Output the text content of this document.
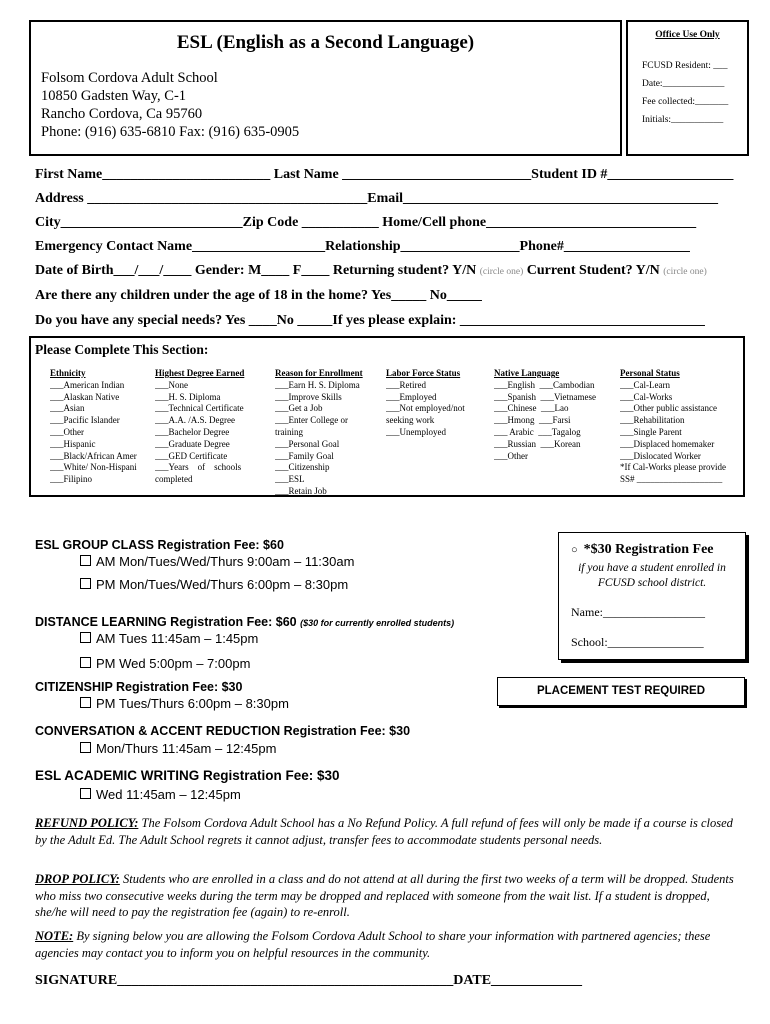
ESL (English as a Second Language)
Folsom Cordova Adult School
10850 Gadsten Way, C-1
Rancho Cordova, Ca 95760
Phone: (916) 635-6810 Fax: (916) 635-0905
Office Use Only
FCUSD Resident: ___
Date:_____________
Fee collected:_______
Initials:___________
First Name________________________ Last Name ___________________________Student ID #__________________
Address ________________________________________Email_____________________________________________
City__________________________Zip Code ___________ Home/Cell phone______________________________
Emergency Contact Name___________________Relationship_________________Phone#__________________
Date of Birth___/___/____ Gender: M____ F____ Returning student? Y/N (circle one) Current Student? Y/N (circle one)
Are there any children under the age of 18 in the home? Yes_____ No_____
Do you have any special needs? Yes ____No _____If yes please explain: ___________________________________
Please Complete This Section:
Ethnicity
___American Indian
___Alaskan Native
___Asian
___Pacific Islander
___Other
___Hispanic
___Black/African Amer
___White/ Non-Hispani
___Filipino
Highest Degree Earned
___None
___H. S. Diploma
___Technical Certificate
___A.A. /A.S. Degree
___Bachelor Degree
___Graduate Degree
___GED Certificate
___Years    of    schools
completed
Reason for Enrollment
___Earn H. S. Diploma
___Improve Skills
___Get a Job
___Enter College or
training
___Personal Goal
___Family Goal
___Citizenship
___ESL
___Retain Job
Labor Force Status
___Retired
___Employed
___Not employed/not
seeking work
___Unemployed
Native Language
___English  ___Cambodian
___Spanish  ___Vietnamese
___Chinese  ___Lao
___Hmong  ___Farsi
___ Arabic  ___Tagalog
___Russian  ___Korean
___Other
Personal Status
___Cal-Learn
___Cal-Works
___Other public assistance
___Rehabilitation
___Single Parent
___Displaced homemaker
___Dislocated Worker
*If Cal-Works please provide
SS# ___________________
ESL GROUP CLASS Registration Fee: $60
AM Mon/Tues/Wed/Thurs 9:00am – 11:30am
PM Mon/Tues/Wed/Thurs 6:00pm – 8:30pm
DISTANCE LEARNING Registration Fee: $60 ($30 for currently enrolled students)
AM Tues 11:45am – 1:45pm
PM Wed 5:00pm – 7:00pm
CITIZENSHIP Registration Fee: $30
PM Tues/Thurs 6:00pm – 8:30pm
CONVERSATION & ACCENT REDUCTION Registration Fee: $30
Mon/Thurs 11:45am – 12:45pm
ESL ACADEMIC WRITING Registration Fee: $30
Wed 11:45am – 12:45pm
○ *$30 Registration Fee
if you have a student enrolled in
FCUSD school district.
Name:_________________
School:________________
PLACEMENT TEST REQUIRED
REFUND POLICY: The Folsom Cordova Adult School has a No Refund Policy. A full refund of fees will only be made if a course is closed by the Adult Ed. The Adult School regrets it cannot adjust, transfer fees to accommodate students personal needs.
DROP POLICY: Students who are enrolled in a class and do not attend at all during the first two weeks of a term will be dropped. Students who miss two consecutive weeks during the term may be dropped and replaced with someone from the wait list. If a student is dropped, she/he will need to pay the registration fee (again) to re-enroll.
NOTE: By signing below you are allowing the Folsom Cordova Adult School to share your information with partnered agencies; these agencies may contact you to inform you on helpful resources in the community.
SIGNATURE________________________________________________DATE_____________
